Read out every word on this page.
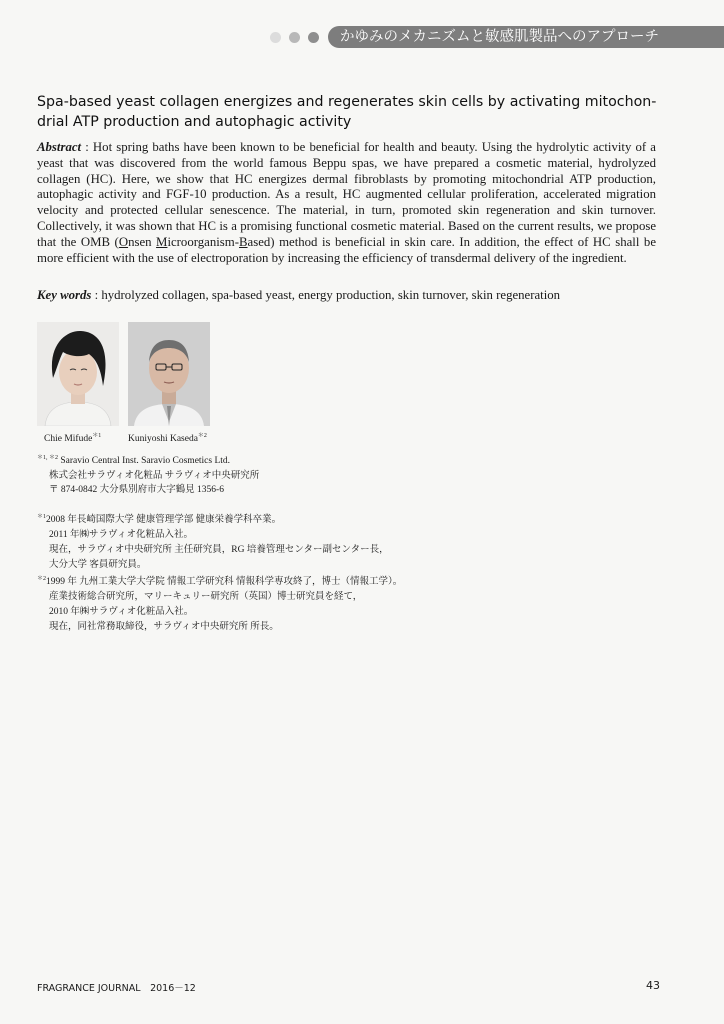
かゆみのメカニズムと敏感肌製品へのアプローチ
Spa-based yeast collagen energizes and regenerates skin cells by activating mitochon-
drial ATP production and autophagic activity

Abstract : Hot spring baths have been known to be beneficial for health and beauty. Using the hydrolytic activity of a yeast that was discovered from the world famous Beppu spas, we have prepared a cosmetic material, hydrolyzed collagen (HC). Here, we show that HC energizes dermal fibroblasts by promoting mitochondrial ATP production, autophagic activity and FGF-10 production. As a result, HC augmented cellular proliferation, accelerated migration velocity and protected cellular senescence. The material, in turn, promoted skin regeneration and skin turnover. Collectively, it was shown that HC is a promising functional cosmetic material. Based on the current results, we propose that the OMB (Onsen Microorganism-Based) method is beneficial in skin care. In addition, the effect of HC shall be more efficient with the use of electroporation by increasing the efficiency of transdermal delivery of the ingredient.

Key words : hydrolyzed collagen, spa-based yeast, energy production, skin turnover, skin regeneration

Chie Mifude$^{*1}$	Kuniyoshi Kaseda$^{*2}$
$^{*1, *2}$ Saravio Central Inst. Saravio Cosmetics Ltd.
株式会社サラヴィオ化粧品 サラヴィオ中央研究所
〒 874-0842 大分県別府市大字鶴見 1356-6
$^{*1}$2008 年長崎国際大学 健康管理学部 健康栄養学科卒業。
2011 年㈱サラヴィオ化粧品入社。
現在，サラヴィオ中央研究所 主任研究員，RG 培養管理センター副センター長，
大分大学 客員研究員。
$^{*2}$1999 年 九州工業大学大学院 情報工学研究科 情報科学専攻終了，博士（情報工学）。
産業技術総合研究所，マリーキュリー研究所（英国）博士研究員を経て，
2010 年㈱サラヴィオ化粧品入社。
現在，同社常務取締役，サラヴィオ中央研究所 所長。
FRAGRANCE JOURNAL　2016－12	43
